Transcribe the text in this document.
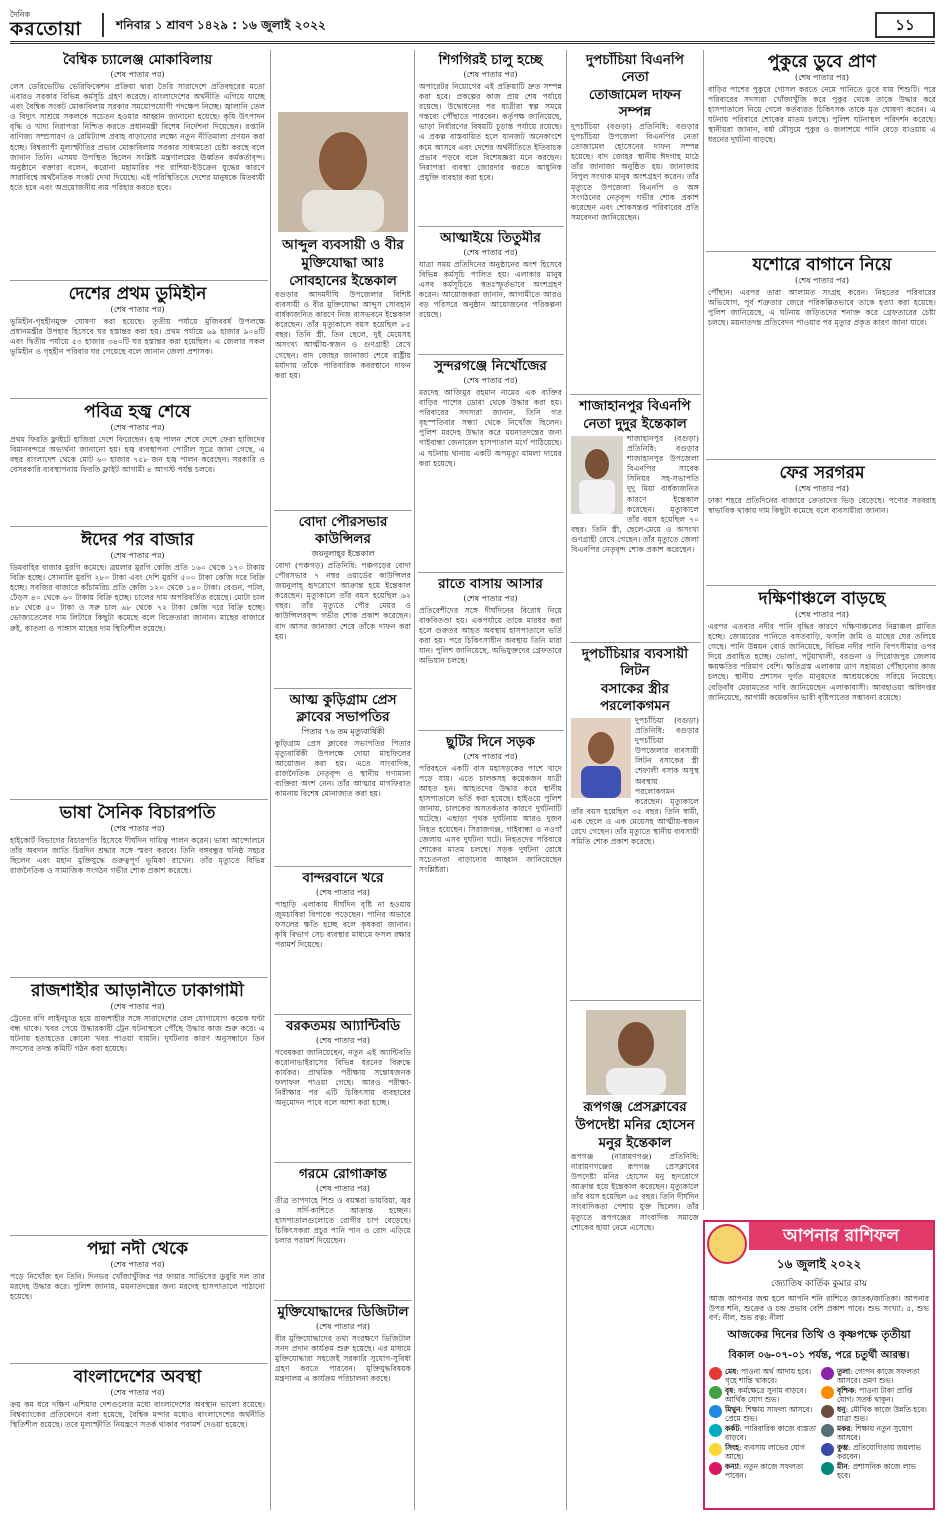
দৈনিক
করতোয়া	শনিবার ১ শ্রাবণ ১৪২৯ : ১৬ জুলাই ২০২২	১১
বৈশ্বিক চ্যালেঞ্জ মোকাবিলায়
(শেষ পাতার পর)
লেস ডেরিভেটিভ ভেরিফিকেশন প্রক্রিয়া দ্বারা তৈরি সারাদেশে প্রতিবছরের মতো এবারও সরকার বিভিন্ন কর্মসূচি গ্রহণ করেছে। বাংলাদেশের অর্থনীতি এগিয়ে যাচ্ছে এবং বৈশ্বিক সংকট মোকাবিলায় সরকার সময়োপযোগী পদক্ষেপ নিচ্ছে। জ্বালানি তেল ও বিদ্যুৎ সাশ্রয়ে সকলকে সচেতন হওয়ার আহ্বান জানানো হয়েছে। কৃষি উৎপাদন বৃদ্ধি ও খাদ্য নিরাপত্তা নিশ্চিত করতে প্রধানমন্ত্রী বিশেষ নির্দেশনা দিয়েছেন। রপ্তানি বাণিজ্য সম্প্রসারণ ও রেমিট্যান্স প্রবাহ বাড়ানোর লক্ষ্যে নতুন নীতিমালা প্রণয়ন করা হচ্ছে। বিশ্বব্যাপী মূল্যস্ফীতির প্রভাব মোকাবিলায় সরকার সাধ্যমতো চেষ্টা করছে বলে জানান তিনি। এসময় উপস্থিত ছিলেন সংশ্লিষ্ট মন্ত্রণালয়ের ঊর্ধ্বতন কর্মকর্তাবৃন্দ। অনুষ্ঠানে বক্তারা বলেন, করোনা মহামারির পর রাশিয়া-ইউক্রেন যুদ্ধের কারণে সারাবিশ্বে অর্থনৈতিক সংকট দেখা দিয়েছে। এই পরিস্থিতিতে দেশের মানুষকে মিতব্যয়ী হতে হবে এবং অপ্রয়োজনীয় ব্যয় পরিহার করতে হবে।
দেশের প্রথম ডুমিহীন
(শেষ পাতার পর)
ভূমিহীন-গৃহহীনমুক্ত ঘোষণা করা হয়েছে। তৃতীয় পর্যায়ে মুজিববর্ষ উপলক্ষে প্রধানমন্ত্রীর উপহার হিসেবে ঘর হস্তান্তর করা হয়। প্রথম পর্যায়ে ৬৯ হাজার ৯০৪টি এবং দ্বিতীয় পর্যায়ে ৫৩ হাজার ৩৪০টি ঘর হস্তান্তর করা হয়েছিল। এ জেলার সকল ভূমিহীন ও গৃহহীন পরিবার ঘর পেয়েছে বলে জানান জেলা প্রশাসক।
পবিত্র হজ্ব শেষে
(শেষ পাতার পর)
প্রথম ফিরতি ফ্লাইটে হাজিরা দেশে ফিরেছেন। হজ্ব পালন শেষে দেশে ফেরা হাজিদের বিমানবন্দরে অভ্যর্থনা জানানো হয়। হজ্ব ব্যবস্থাপনা পোর্টাল সূত্রে জানা গেছে, এ বছর বাংলাদেশ থেকে মোট ৬০ হাজার ৭৫৮ জন হজ্ব পালন করেছেন। সরকারি ও বেসরকারি ব্যবস্থাপনায় ফিরতি ফ্লাইট আগামী ৪ আগস্ট পর্যন্ত চলবে।
ঈদের পর বাজার
(শেষ পাতার পর)
ডিমবাহির বাজার মুরগি কমেছে। ব্রয়লার মুরগি কেজি প্রতি ১৬০ থেকে ১৭০ টাকায় বিক্রি হচ্ছে। সোনালি মুরগি ২৮০ টাকা এবং দেশি মুরগি ৫০০ টাকা কেজি দরে বিক্রি হচ্ছে। সবজির বাজারে কাঁচামরিচ প্রতি কেজি ১২০ থেকে ১৪০ টাকা। বেগুন, পটল, ঢেঁড়স ৪০ থেকে ৬০ টাকায় বিক্রি হচ্ছে। চালের দাম অপরিবর্তিত রয়েছে। মোটা চাল ৪৮ থেকে ৫০ টাকা ও সরু চাল ৬৮ থেকে ৭২ টাকা কেজি দরে বিক্রি হচ্ছে। ভোজ্যতেলের দাম লিটারে কিছুটা কমেছে বলে বিক্রেতারা জানান। মাছের বাজারে রুই, কাতলা ও পাঙ্গাস মাছের দাম স্থিতিশীল রয়েছে।
ভাষা সৈনিক বিচারপতি
(শেষ পাতার পর)
হাইকোর্ট বিভাগের বিচারপতি হিসেবে দীর্ঘদিন দায়িত্ব পালন করেন। ভাষা আন্দোলনে তাঁর অবদান জাতি চিরদিন শ্রদ্ধার সঙ্গে স্মরণ করবে। তিনি বঙ্গবন্ধুর ঘনিষ্ঠ সহচর ছিলেন এবং মহান মুক্তিযুদ্ধে গুরুত্বপূর্ণ ভূমিকা রাখেন। তাঁর মৃত্যুতে বিভিন্ন রাজনৈতিক ও সামাজিক সংগঠন গভীর শোক প্রকাশ করেছে।
রাজশাহীর আড়ানীতে ঢাকাগামী
(শেষ পাতার পর)
ট্রেনের বগি লাইনচ্যুত হয়ে রাজশাহীর সঙ্গে সারাদেশের রেল যোগাযোগ কয়েক ঘণ্টা বন্ধ থাকে। খবর পেয়ে উদ্ধারকারী ট্রেন ঘটনাস্থলে পৌঁছে উদ্ধার কাজ শুরু করে। এ ঘটনায় হতাহতের কোনো খবর পাওয়া যায়নি। দুর্ঘটনার কারণ অনুসন্ধানে তিন সদস্যের তদন্ত কমিটি গঠন করা হয়েছে।
পদ্মা নদী থেকে
(শেষ পাতার পর)
পড়ে নিখোঁজ হন তিনি। দিনভর খোঁজাখুঁজির পর ফায়ার সার্ভিসের ডুবুরি দল তার মরদেহ উদ্ধার করে। পুলিশ জানায়, ময়নাতদন্তের জন্য মরদেহ হাসপাতালে পাঠানো হয়েছে।
বাংলাদেশের অবস্থা
(শেষ পাতার পর)
ক্রয় কম ধরে দক্ষিণ এশিয়ার দেশগুলোর মধ্যে বাংলাদেশের অবস্থান ভালো রয়েছে। বিশ্বব্যাংকের প্রতিবেদনে বলা হয়েছে, বৈশ্বিক মন্দার মধ্যেও বাংলাদেশের অর্থনীতি স্থিতিশীল রয়েছে। তবে মূল্যস্ফীতি নিয়ন্ত্রণে সতর্ক থাকার পরামর্শ দেওয়া হয়েছে।
আব্দুল ব্যবসায়ী ও বীর মুক্তিযোদ্ধা আঃ সোবহানের ইন্তেকাল
বগুড়ার আদমদীঘি উপজেলার বিশিষ্ট ব্যবসায়ী ও বীর মুক্তিযোদ্ধা আব্দুস সোবহান বার্ধক্যজনিত কারণে নিজ বাসভবনে ইন্তেকাল করেছেন। তাঁর মৃত্যুকালে বয়স হয়েছিল ৮৫ বছর। তিনি স্ত্রী, তিন ছেলে, দুই মেয়েসহ অসংখ্য আত্মীয়-স্বজন ও গুণগ্রাহী রেখে গেছেন। বাদ জোহর জানাজা শেষে রাষ্ট্রীয় মর্যাদায় তাঁকে পারিবারিক কবরস্থানে দাফন করা হয়।
বোদা পৌরসভার কাউন্সিলর
জয়নুলাহ্‌র ইন্তেকাল
বোদা (পঞ্চগড়) প্রতিনিধি: পঞ্চগড়ের বোদা পৌরসভার ৭ নম্বর ওয়ার্ডের কাউন্সিলর জয়নুলাহ্‌ হৃদরোগে আক্রান্ত হয়ে ইন্তেকাল করেছেন। মৃত্যুকালে তাঁর বয়স হয়েছিল ৬২ বছর। তাঁর মৃত্যুতে পৌর মেয়র ও কাউন্সিলরবৃন্দ গভীর শোক প্রকাশ করেছেন। বাদ আসর জানাজা শেষে তাঁকে দাফন করা হয়।
আত্ম কুড়িগ্রাম প্রেস ক্লাবের সভাপতির
পিতার ৭৬ তম মৃত্যুবার্ষিকী
কুড়িগ্রাম প্রেস ক্লাবের সভাপতির পিতার মৃত্যুবার্ষিকী উপলক্ষে দোয়া মাহফিলের আয়োজন করা হয়। এতে সাংবাদিক, রাজনৈতিক নেতৃবৃন্দ ও স্থানীয় গণ্যমান্য ব্যক্তিরা অংশ নেন। তাঁর আত্মার মাগফিরাত কামনায় বিশেষ মোনাজাত করা হয়।
বান্দরবানে খরে
(শেষ পাতার পর)
পাহাড়ি এলাকায় দীর্ঘদিন বৃষ্টি না হওয়ায় জুমচাষিরা বিপাকে পড়েছেন। পানির অভাবে ফসলের ক্ষতি হচ্ছে বলে কৃষকরা জানান। কৃষি বিভাগ সেচ ব্যবস্থার মাধ্যমে ফসল রক্ষার পরামর্শ দিয়েছে।
বরকতময় আ্যান্টিবডি
(শেষ পাতার পর)
গবেষকরা জানিয়েছেন, নতুন এই অ্যান্টিবডি করোনাভাইরাসের বিভিন্ন ধরনের বিরুদ্ধে কার্যকর। প্রাথমিক পরীক্ষায় সন্তোষজনক ফলাফল পাওয়া গেছে। আরও পরীক্ষা-নিরীক্ষার পর এটি চিকিৎসায় ব্যবহারের অনুমোদন পাবে বলে আশা করা হচ্ছে।
গরমে রোগাক্রান্ত
(শেষ পাতার পর)
তীব্র তাপদাহে শিশু ও বয়স্করা ডায়রিয়া, জ্বর ও সর্দি-কাশিতে আক্রান্ত হচ্ছেন। হাসপাতালগুলোতে রোগীর চাপ বেড়েছে। চিকিৎসকরা প্রচুর পানি পান ও রোদ এড়িয়ে চলার পরামর্শ দিয়েছেন।
মুক্তিযোদ্ধাদের ডিজিটাল
(শেষ পাতার পর)
বীর মুক্তিযোদ্ধাদের তথ্য সংরক্ষণে ডিজিটাল সনদ প্রদান কার্যক্রম শুরু হয়েছে। এর মাধ্যমে মুক্তিযোদ্ধারা সহজেই সরকারি সুযোগ-সুবিধা গ্রহণ করতে পারবেন। মুক্তিযুদ্ধবিষয়ক মন্ত্রণালয় এ কার্যক্রম পরিচালনা করছে।
শিগগিরই চালু হচ্ছে
(শেষ পাতার পর)
অপারেটর নিয়োগের এই প্রক্রিয়াটি দ্রুত সম্পন্ন করা হবে। প্রকল্পের কাজ প্রায় শেষ পর্যায়ে রয়েছে। উদ্বোধনের পর যাত্রীরা স্বল্প সময়ে গন্তব্যে পৌঁছাতে পারবেন। কর্তৃপক্ষ জানিয়েছে, ভাড়া নির্ধারণের বিষয়টি চূড়ান্ত পর্যায়ে রয়েছে। এ প্রকল্প বাস্তবায়িত হলে যানজট অনেকাংশে কমে আসবে এবং দেশের অর্থনীতিতে ইতিবাচক প্রভাব পড়বে বলে বিশেষজ্ঞরা মনে করছেন। নিরাপত্তা ব্যবস্থা জোরদার করতে আধুনিক প্রযুক্তি ব্যবহার করা হবে।
আত্মাইয়ে তিতুমীর
(শেষ পাতার পর)
যাত্রা সময় প্রতিদিনের অনুষ্ঠানের অংশ হিসেবে বিভিন্ন কর্মসূচি পালিত হয়। এলাকার মানুষ এসব কর্মসূচিতে স্বতঃস্ফূর্তভাবে অংশগ্রহণ করেন। আয়োজকরা জানান, আগামীতে আরও বড় পরিসরে অনুষ্ঠান আয়োজনের পরিকল্পনা রয়েছে।
সুন্দরগঞ্জে নিখোঁজের
(শেষ পাতার পর)
মরদেহ আজিমুর রহমান নামের এক ব্যক্তির বাড়ির পাশের ডোবা থেকে উদ্ধার করা হয়। পরিবারের সদস্যরা জানান, তিনি গত বৃহস্পতিবার সন্ধ্যা থেকে নিখোঁজ ছিলেন। পুলিশ মরদেহ উদ্ধার করে ময়নাতদন্তের জন্য গাইবান্ধা জেনারেল হাসপাতাল মর্গে পাঠিয়েছে। এ ঘটনায় থানায় একটি অপমৃত্যু মামলা দায়ের করা হয়েছে।
রাতে বাসায় আসার
(শেষ পাতার পর)
প্রতিবেশীদের সঙ্গে দীর্ঘদিনের বিরোধ নিয়ে বাকবিতণ্ডা হয়। একপর্যায়ে তাকে মারধর করা হলে গুরুতর আহত অবস্থায় হাসপাতালে ভর্তি করা হয়। পরে চিকিৎসাধীন অবস্থায় তিনি মারা যান। পুলিশ জানিয়েছে, অভিযুক্তদের গ্রেফতারে অভিযান চলছে।
ছুটির দিনে সড়ক
(শেষ পাতার পর)
পরিবহনে একটি বাস মহাসড়কের পাশে খাদে পড়ে যায়। এতে চালকসহ কয়েকজন যাত্রী আহত হন। আহতদের উদ্ধার করে স্থানীয় হাসপাতালে ভর্তি করা হয়েছে। হাইওয়ে পুলিশ জানায়, চালকের অসতর্কতার কারণে দুর্ঘটনাটি ঘটেছে। এছাড়া পৃথক দুর্ঘটনায় আরও দুজন নিহত হয়েছেন। সিরাজগঞ্জ, গাইবান্ধা ও নওগাঁ জেলায় এসব দুর্ঘটনা ঘটে। নিহতদের পরিবারে শোকের মাতম চলছে। সড়ক দুর্ঘটনা রোধে সচেতনতা বাড়ানোর আহ্বান জানিয়েছেন সংশ্লিষ্টরা।
দুপচাঁচিয়া বিএনপি নেতা
তোজামেল দাফন সম্পন্ন
দুপচাঁচিয়া (বগুড়া) প্রতিনিধি: বগুড়ার দুপচাঁচিয়া উপজেলা বিএনপির নেতা তোজামেল হোসেনের দাফন সম্পন্ন হয়েছে। বাদ জোহর স্থানীয় ঈদগাহ মাঠে তাঁর জানাজা অনুষ্ঠিত হয়। জানাজায় বিপুল সংখ্যক মানুষ অংশগ্রহণ করেন। তাঁর মৃত্যুতে উপজেলা বিএনপি ও অঙ্গ সংগঠনের নেতৃবৃন্দ গভীর শোক প্রকাশ করেছেন এবং শোকসন্তপ্ত পরিবারের প্রতি সমবেদনা জানিয়েছেন।
শাজাহানপুর বিএনপি
নেতা দুদুর ইন্তেকাল
শাজাহানপুর (বগুড়া) প্রতিনিধি: বগুড়ার শাজাহানপুর উপজেলা বিএনপির সাবেক সিনিয়র সহ-সভাপতি দুদু মিয়া বার্ধক্যজনিত কারণে ইন্তেকাল করেছেন। মৃত্যুকালে তাঁর বয়স হয়েছিল ৭০ বছর। তিনি স্ত্রী, ছেলে-মেয়ে ও অসংখ্য গুণগ্রাহী রেখে গেছেন। তাঁর মৃত্যুতে জেলা বিএনপির নেতৃবৃন্দ শোক প্রকাশ করেছেন।
দুপচাঁচিয়ার ব্যবসায়ী লিটন
বসাকের স্ত্রীর পরলোকগমন
দুপচাঁচিয়া (বগুড়া) প্রতিনিধি: বগুড়ার দুপচাঁচিয়া উপজেলার ব্যবসায়ী লিটন বসাকের স্ত্রী শেফালী বসাক অসুস্থ অবস্থায় পরলোকগমন করেছেন। মৃত্যুকালে তাঁর বয়স হয়েছিল ৩৫ বছর। তিনি স্বামী, এক ছেলে ও এক মেয়েসহ আত্মীয়-স্বজন রেখে গেছেন। তাঁর মৃত্যুতে স্থানীয় ব্যবসায়ী সমিতি শোক প্রকাশ করেছে।
রূপগঞ্জ প্রেসক্লাবের উপদেষ্টা মনির হোসেন মনুর ইন্তেকাল
রূপগঞ্জ (নারায়ণগঞ্জ) প্রতিনিধি: নারায়ণগঞ্জের রূপগঞ্জ প্রেসক্লাবের উপদেষ্টা মনির হোসেন মনু হৃদরোগে আক্রান্ত হয়ে ইন্তেকাল করেছেন। মৃত্যুকালে তাঁর বয়স হয়েছিল ৬৫ বছর। তিনি দীর্ঘদিন সাংবাদিকতা পেশায় যুক্ত ছিলেন। তাঁর মৃত্যুতে রূপগঞ্জের সাংবাদিক সমাজে শোকের ছায়া নেমে এসেছে।
পুকুরে ডুবে প্রাণ
(শেষ পাতার পর)
বাড়ির পাশের পুকুরে গোসল করতে নেমে পানিতে ডুবে যায় শিশুটি। পরে পরিবারের সদস্যরা খোঁজাখুঁজি করে পুকুর থেকে তাকে উদ্ধার করে হাসপাতালে নিয়ে গেলে কর্তব্যরত চিকিৎসক তাকে মৃত ঘোষণা করেন। এ ঘটনায় পরিবারে শোকের মাতম চলছে। পুলিশ ঘটনাস্থল পরিদর্শন করেছে। স্থানীয়রা জানান, বর্ষা মৌসুমে পুকুর ও জলাশয়ে পানি বেড়ে যাওয়ায় এ ধরনের দুর্ঘটনা বাড়ছে।
যশোরে বাগানে নিয়ে
(শেষ পাতার পর)
পৌঁছান। এরপর তারা আলামত সংগ্রহ করেন। নিহতের পরিবারের অভিযোগ, পূর্ব শত্রুতার জেরে পরিকল্পিতভাবে তাকে হত্যা করা হয়েছে। পুলিশ জানিয়েছে, এ ঘটনায় জড়িতদের শনাক্ত করে গ্রেফতারের চেষ্টা চলছে। ময়নাতদন্ত প্রতিবেদন পাওয়ার পর মৃত্যুর প্রকৃত কারণ জানা যাবে।
ফের সরগরম
(শেষ পাতার পর)
ঢাকা শহরে প্রতিদিনের বাজারে ক্রেতাদের ভিড় বেড়েছে। পণ্যের সরবরাহ স্বাভাবিক থাকায় দাম কিছুটা কমেছে বলে ব্যবসায়ীরা জানান।
দক্ষিণাঞ্চলে বাড়ছে
(শেষ পাতার পর)
এরপর এতবার নদীর পানি বৃদ্ধির কারণে দক্ষিণাঞ্চলের নিম্নাঞ্চল প্লাবিত হচ্ছে। জোয়ারের পানিতে বসতবাড়ি, ফসলি জমি ও মাছের ঘের তলিয়ে গেছে। পানি উন্নয়ন বোর্ড জানিয়েছে, বিভিন্ন নদীর পানি বিপৎসীমার ওপর দিয়ে প্রবাহিত হচ্ছে। ভোলা, পটুয়াখালী, বরগুনা ও পিরোজপুর জেলায় ক্ষয়ক্ষতির পরিমাণ বেশি। ক্ষতিগ্রস্ত এলাকায় ত্রাণ সহায়তা পৌঁছানোর কাজ চলছে। স্থানীয় প্রশাসন দুর্গত মানুষদের আশ্রয়কেন্দ্রে সরিয়ে নিয়েছে। বেড়িবাঁধ মেরামতের দাবি জানিয়েছেন এলাকাবাসী। আবহাওয়া অধিদপ্তর জানিয়েছে, আগামী কয়েকদিন ভারী বৃষ্টিপাতের সম্ভাবনা রয়েছে।
আপনার রাশিফল
১৬ জুলাই ২০২২
জ্যোতিষ কার্তিক কুমার রায়
আজ আপনার জন্ম হলে আপনি শনি রাশিতে জাতক/জাতিকা। আপনার উপর শনি, শুক্রের ও চন্দ্র প্রভাব বেশি প্রকাশ পাবে। শুভ সংখ্যা: ৫, শুভ বর্ণ: নীল, শুভ রত্ন: নীলা
আজকের দিনের তিথি ও কৃষ্ণপক্ষে তৃতীয়া
বিকাল ০৬-০৭-০১ পর্যন্ত, পরে চতুর্থী আরম্ভ।
মেষ: পাওনা অর্থ আদায় হবে। গৃহে শান্তি থাকবে।
তুলা: গোপন কাজে সফলতা আসবে। ভ্রমণ শুভ।
বৃষ: কর্মক্ষেত্রে সুনাম বাড়বে। আর্থিক যোগ শুভ।
বৃশ্চিক: পাওনা টাকা প্রাপ্তি যোগ। সতর্ক থাকুন।
মিথুন: শিক্ষায় সাফল্য আসবে। প্রেমে শুভ।
ধনু: মৌখিক কাজে উন্নতি হবে। যাত্রা শুভ।
কর্কট: পারিবারিক কাজে ব্যস্ততা বাড়বে।
মকর: শিক্ষায় নতুন সুযোগ আসবে।
সিংহ: ব্যবসায় লাভের যোগ আছে।
কুম্ভ: প্রতিযোগিতায় জয়লাভ করবেন।
কন্যা: নতুন কাজে সফলতা পাবেন।
মীন: প্রশাসনিক কাজে লাভ হবে।
